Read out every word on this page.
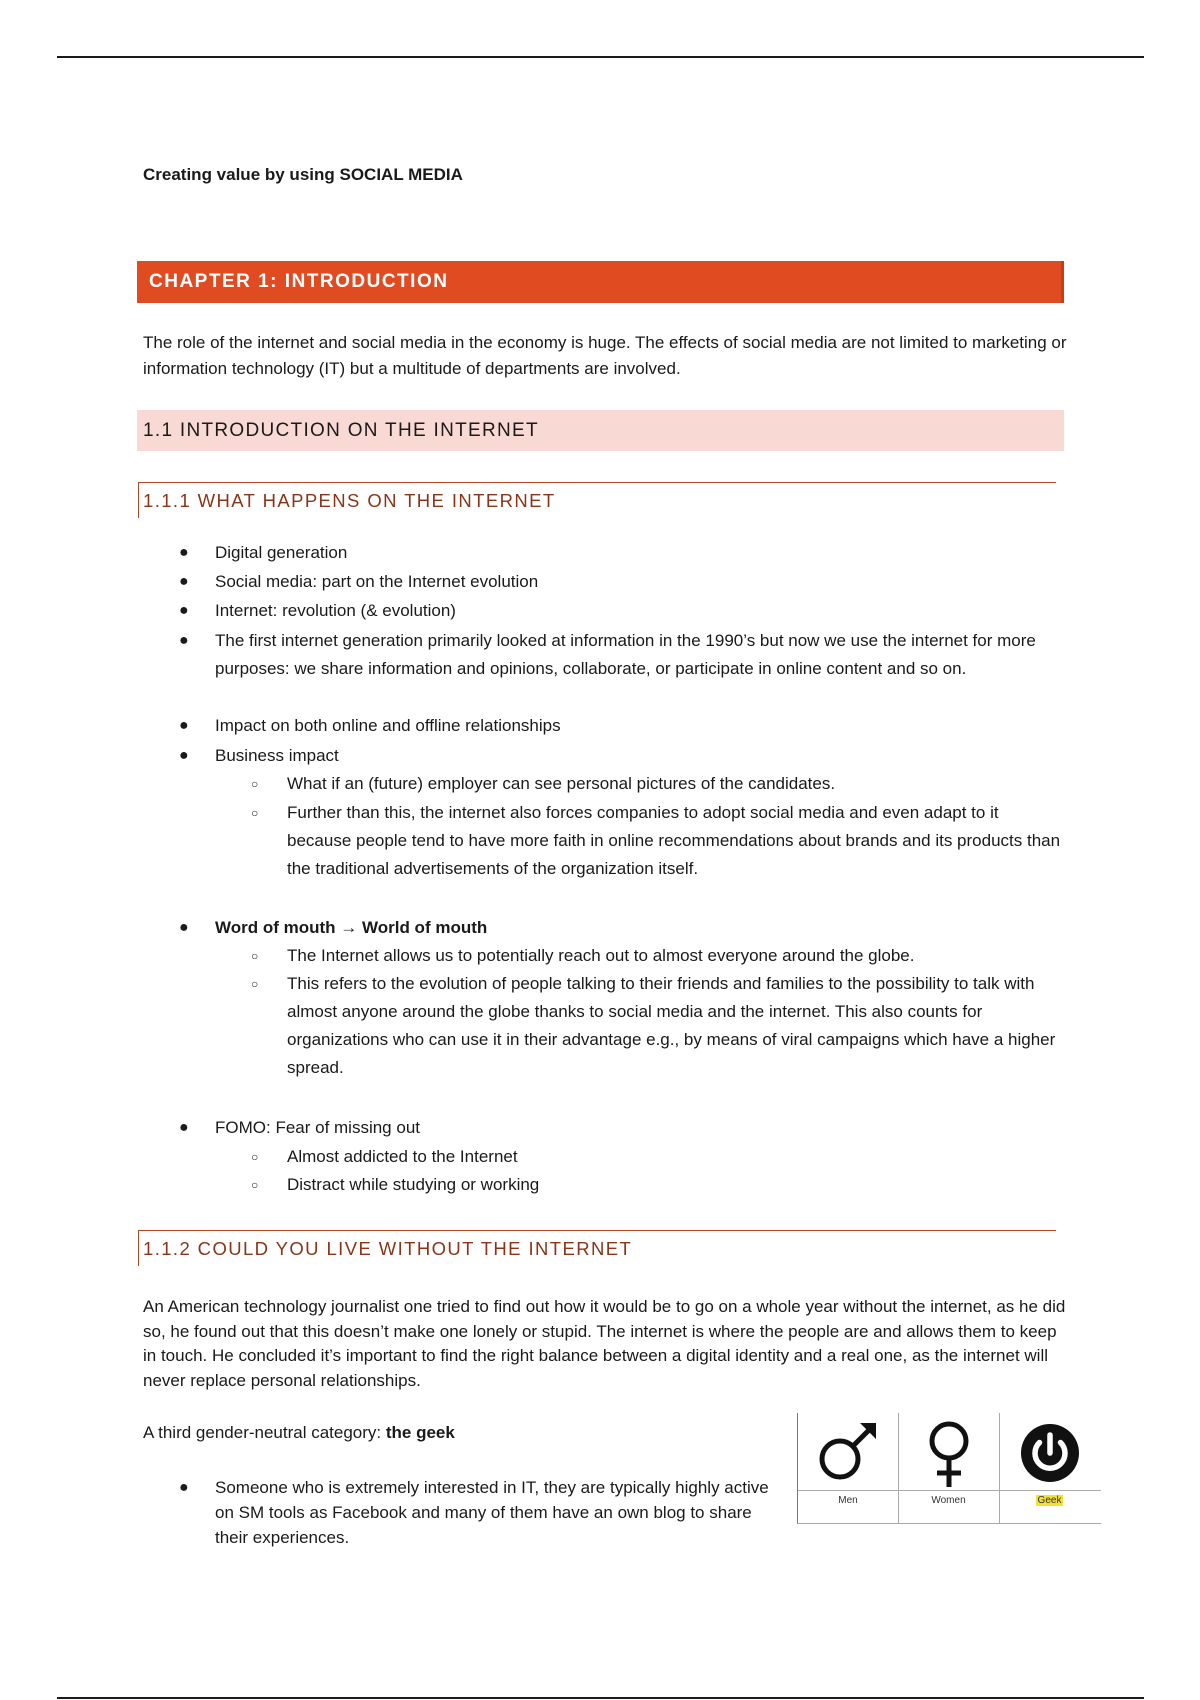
Creating value by using SOCIAL MEDIA
CHAPTER 1: INTRODUCTION
The role of the internet and social media in the economy is huge. The effects of social media are not limited to marketing or information technology (IT) but a multitude of departments are involved.
1.1 INTRODUCTION ON THE INTERNET
1.1.1 WHAT HAPPENS ON THE INTERNET
● Digital generation
● Social media: part on the Internet evolution
● Internet: revolution (& evolution)
● The first internet generation primarily looked at information in the 1990’s but now we use the internet for more purposes: we share information and opinions, collaborate, or participate in online content and so on.
● Impact on both online and offline relationships
● Business impact
○ What if an (future) employer can see personal pictures of the candidates.
○ Further than this, the internet also forces companies to adopt social media and even adapt to it because people tend to have more faith in online recommendations about brands and its products than the traditional advertisements of the organization itself.
● Word of mouth → World of mouth
○ The Internet allows us to potentially reach out to almost everyone around the globe.
○ This refers to the evolution of people talking to their friends and families to the possibility to talk with almost anyone around the globe thanks to social media and the internet. This also counts for organizations who can use it in their advantage e.g., by means of viral campaigns which have a higher spread.
● FOMO: Fear of missing out
○ Almost addicted to the Internet
○ Distract while studying or working
1.1.2 COULD YOU LIVE WITHOUT THE INTERNET
An American technology journalist one tried to find out how it would be to go on a whole year without the internet, as he did so, he found out that this doesn’t make one lonely or stupid. The internet is where the people are and allows them to keep in touch. He concluded it’s important to find the right balance between a digital identity and a real one, as the internet will never replace personal relationships.
A third gender-neutral category: the geek
● Someone who is extremely interested in IT, they are typically highly active on SM tools as Facebook and many of them have an own blog to share their experiences.
Men	Women	Geek
